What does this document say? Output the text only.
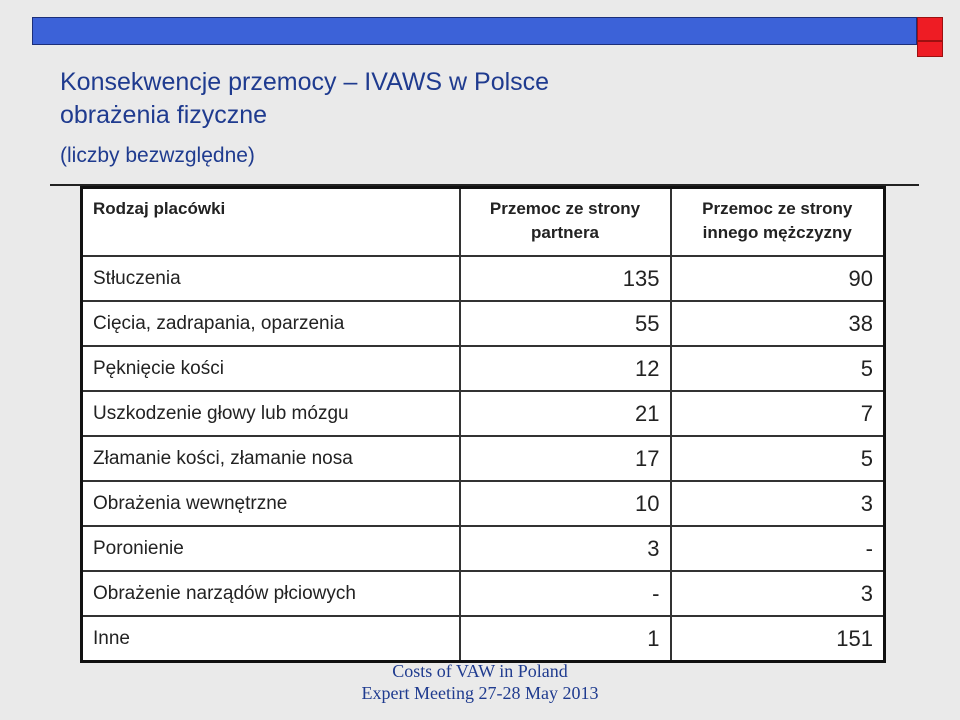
Konsekwencje przemocy – IVAWS w Polsce
obrażenia fizyczne
(liczby bezwzględne)
Rodzaj placówki	Przemoc ze strony partnera	Przemoc ze strony innego mężczyzny
Stłuczenia	135	90
Cięcia, zadrapania, oparzenia	55	38
Pęknięcie kości	12	5
Uszkodzenie głowy lub mózgu	21	7
Złamanie kości, złamanie nosa	17	5
Obrażenia wewnętrzne	10	3
Poronienie	3	-
Obrażenie narządów płciowych	-	3
Inne	1	151
Costs of VAW in Poland
Expert Meeting 27-28 May 2013
